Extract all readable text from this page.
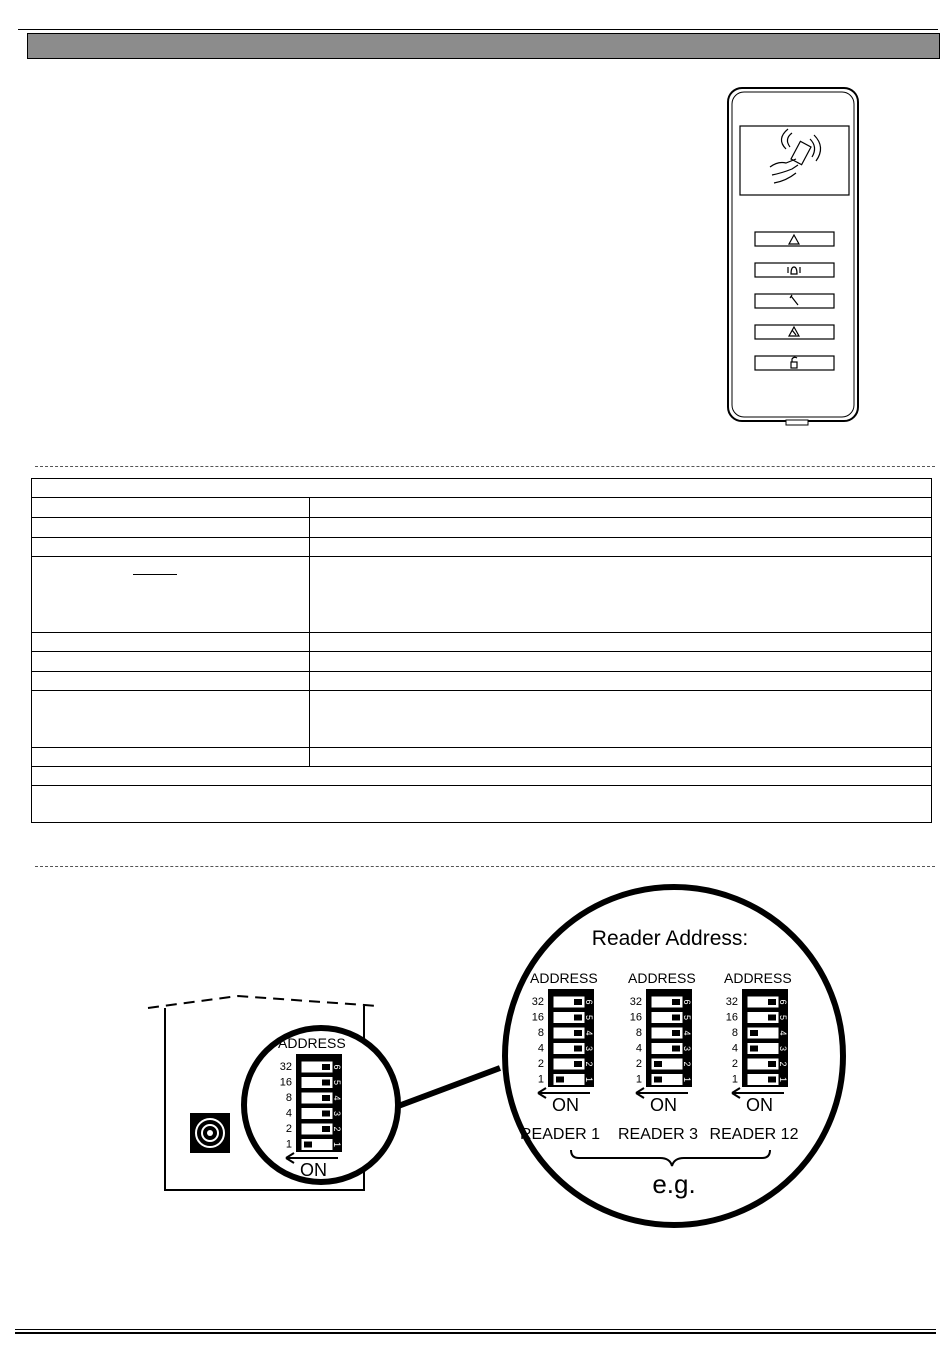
ADDRESS
32	6
16	5
8	4
4	3
2	2
1	1
ON
Reader Address:
ADDRESS
32	6
16	5
8	4
4	3
2	2
1	1
ON
READER 1
ADDRESS
32	6
16	5
8	4
4	3
2	2
1	1
ON
READER 3
ADDRESS
32	6
16	5
8	4
4	3
2	2
1	1
ON
READER 12
e.g.
